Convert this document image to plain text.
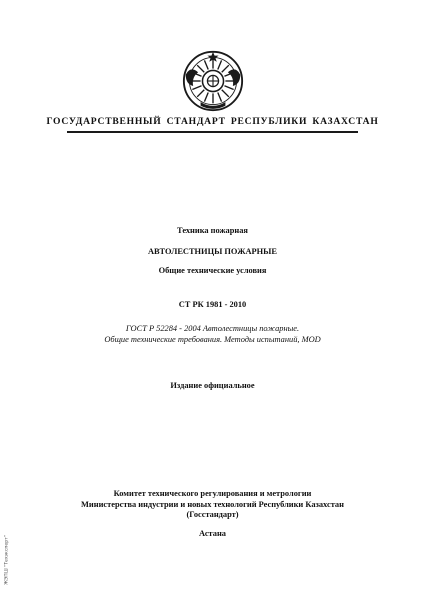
ГОСУДАРСТВЕННЫЙ СТАНДАРТ РЕСПУБЛИКИ КАЗАХСТАН
Техника пожарная
АВТОЛЕСТНИЦЫ ПОЖАРНЫЕ
Общие технические условия
СТ РК 1981 - 2010
ГОСТ Р 52284 - 2004 Автолестницы пожарные.
Общие технические требования. Методы испытаний, MOD
Издание официальное
Комитет технического регулирования и метрологии
Министерства индустрии и новых технологий Республики Казахстан
(Госстандарт)
Астана
ЖЭПШ "Техэксперт"
